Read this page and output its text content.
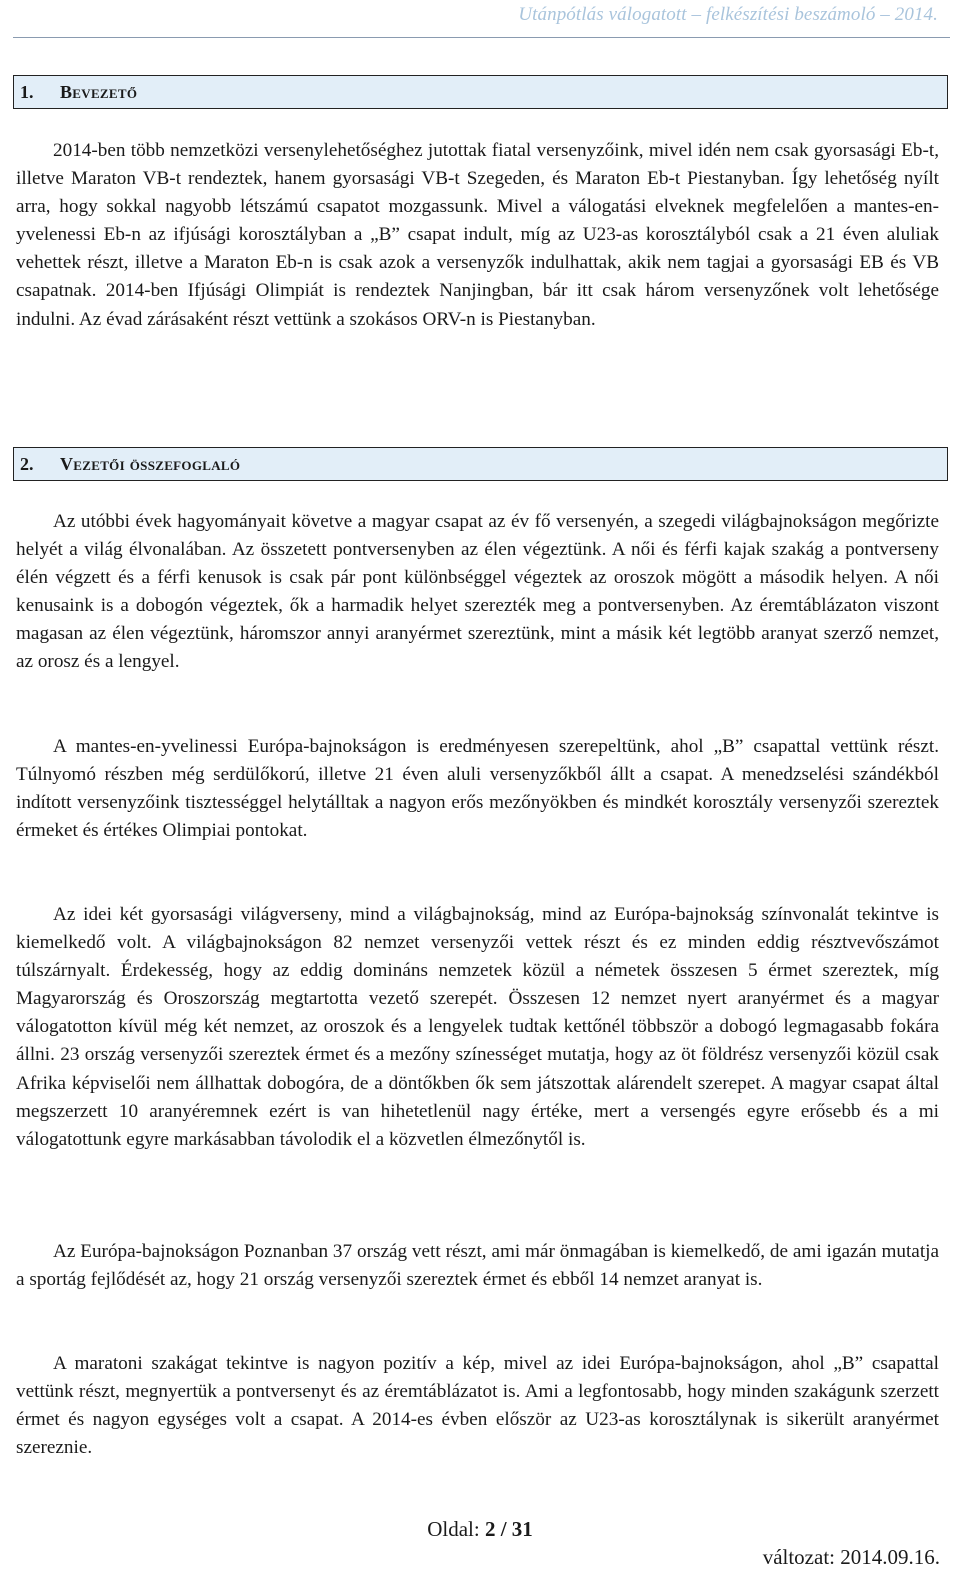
Utánpótlás válogatott – felkészítési beszámoló – 2014.
1. Bevezető

2014-ben több nemzetközi versenylehetőséghez jutottak fiatal versenyzőink, mivel idén nem csak gyorsasági Eb-t, illetve Maraton VB-t rendeztek, hanem gyorsasági VB-t Szegeden, és Maraton Eb-t Piestanyban. Így lehetőség nyílt arra, hogy sokkal nagyobb létszámú csapatot mozgassunk. Mivel a válogatási elveknek megfelelően a mantes-en-yvelenessi Eb-n az ifjúsági korosztályban a „B” csapat indult, míg az U23-as korosztályból csak a 21 éven aluliak vehettek részt, illetve a Maraton Eb-n is csak azok a versenyzők indulhattak, akik nem tagjai a gyorsasági EB és VB csapatnak. 2014-ben Ifjúsági Olimpiát is rendeztek Nanjingban, bár itt csak három versenyzőnek volt lehetősége indulni. Az évad zárásaként részt vettünk a szokásos ORV-n is Piestanyban.

2. Vezetői összefoglaló

Az utóbbi évek hagyományait követve a magyar csapat az év fő versenyén, a szegedi világbajnokságon megőrizte helyét a világ élvonalában. Az összetett pontversenyben az élen végeztünk. A női és férfi kajak szakág a pontverseny élén végzett és a férfi kenusok is csak pár pont különbséggel végeztek az oroszok mögött a második helyen. A női kenusaink is a dobogón végeztek, ők a harmadik helyet szerezték meg a pontversenyben. Az éremtáblázaton viszont magasan az élen végeztünk, háromszor annyi aranyérmet szereztünk, mint a másik két legtöbb aranyat szerző nemzet, az orosz és a lengyel.

A mantes-en-yvelinessi Európa-bajnokságon is eredményesen szerepeltünk, ahol „B” csapattal vettünk részt. Túlnyomó részben még serdülőkorú, illetve 21 éven aluli versenyzőkből állt a csapat. A menedzselési szándékból indított versenyzőink tisztességgel helytálltak a nagyon erős mezőnyökben és mindkét korosztály versenyzői szereztek érmeket és értékes Olimpiai pontokat.

Az idei két gyorsasági világverseny, mind a világbajnokság, mind az Európa-bajnokság színvonalát tekintve is kiemelkedő volt. A világbajnokságon 82 nemzet versenyzői vettek részt és ez minden eddig résztvevőszámot túlszárnyalt. Érdekesség, hogy az eddig domináns nemzetek közül a németek összesen 5 érmet szereztek, míg Magyarország és Oroszország megtartotta vezető szerepét. Összesen 12 nemzet nyert aranyérmet és a magyar válogatotton kívül még két nemzet, az oroszok és a lengyelek tudtak kettőnél többször a dobogó legmagasabb fokára állni. 23 ország versenyzői szereztek érmet és a mezőny színességet mutatja, hogy az öt földrész versenyzői közül csak Afrika képviselői nem állhattak dobogóra, de a döntőkben ők sem játszottak alárendelt szerepet. A magyar csapat által megszerzett 10 aranyéremnek ezért is van hihetetlenül nagy értéke, mert a versengés egyre erősebb és a mi válogatottunk egyre markásabban távolodik el a közvetlen élmezőnytől is.

Az Európa-bajnokságon Poznanban 37 ország vett részt, ami már önmagában is kiemelkedő, de ami igazán mutatja a sportág fejlődését az, hogy 21 ország versenyzői szereztek érmet és ebből 14 nemzet aranyat is.

A maratoni szakágat tekintve is nagyon pozitív a kép, mivel az idei Európa-bajnokságon, ahol „B” csapattal vettünk részt, megnyertük a pontversenyt és az éremtáblázatot is. Ami a legfontosabb, hogy minden szakágunk szerzett érmet és nagyon egységes volt a csapat. A 2014-es évben először az U23-as korosztálynak is sikerült aranyérmet szereznie.

Oldal: 2 / 31
változat: 2014.09.16.
